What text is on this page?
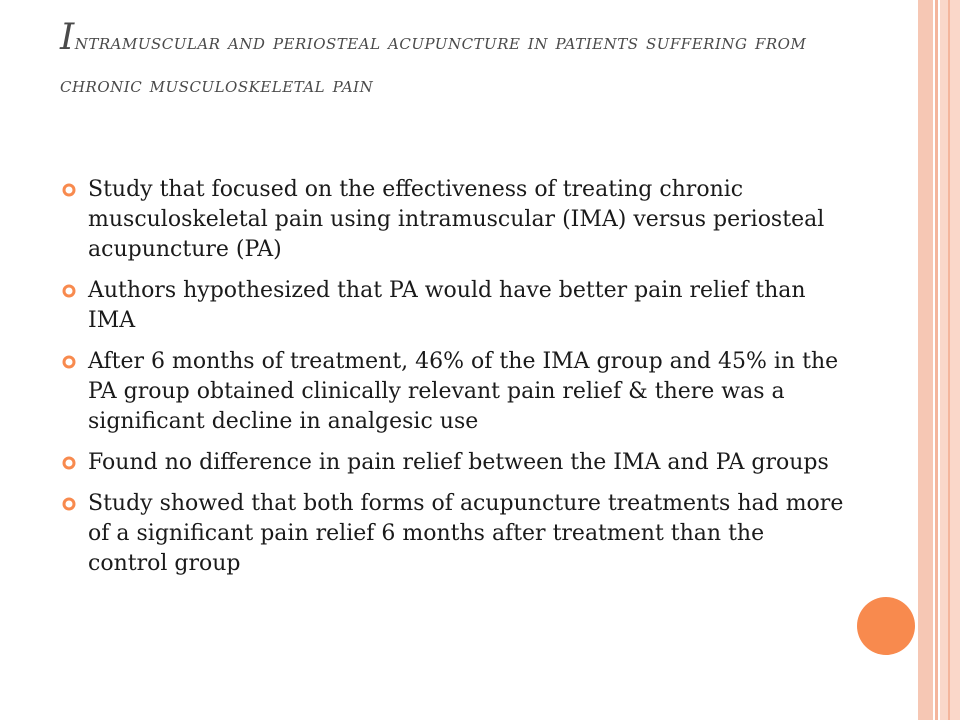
Intramuscular and periosteal acupuncture in patients suffering from chronic musculoskeletal pain
Study that focused on the effectiveness of treating chronic musculoskeletal pain using intramuscular (IMA) versus periosteal acupuncture (PA)
Authors hypothesized that PA would have better pain relief than IMA
After 6 months of treatment, 46% of the IMA group and 45% in the PA group obtained clinically relevant pain relief & there was a significant decline in analgesic use
Found no difference in pain relief between the IMA and PA groups
Study showed that both forms of acupuncture treatments had more of a significant pain relief 6 months after treatment than the control group
